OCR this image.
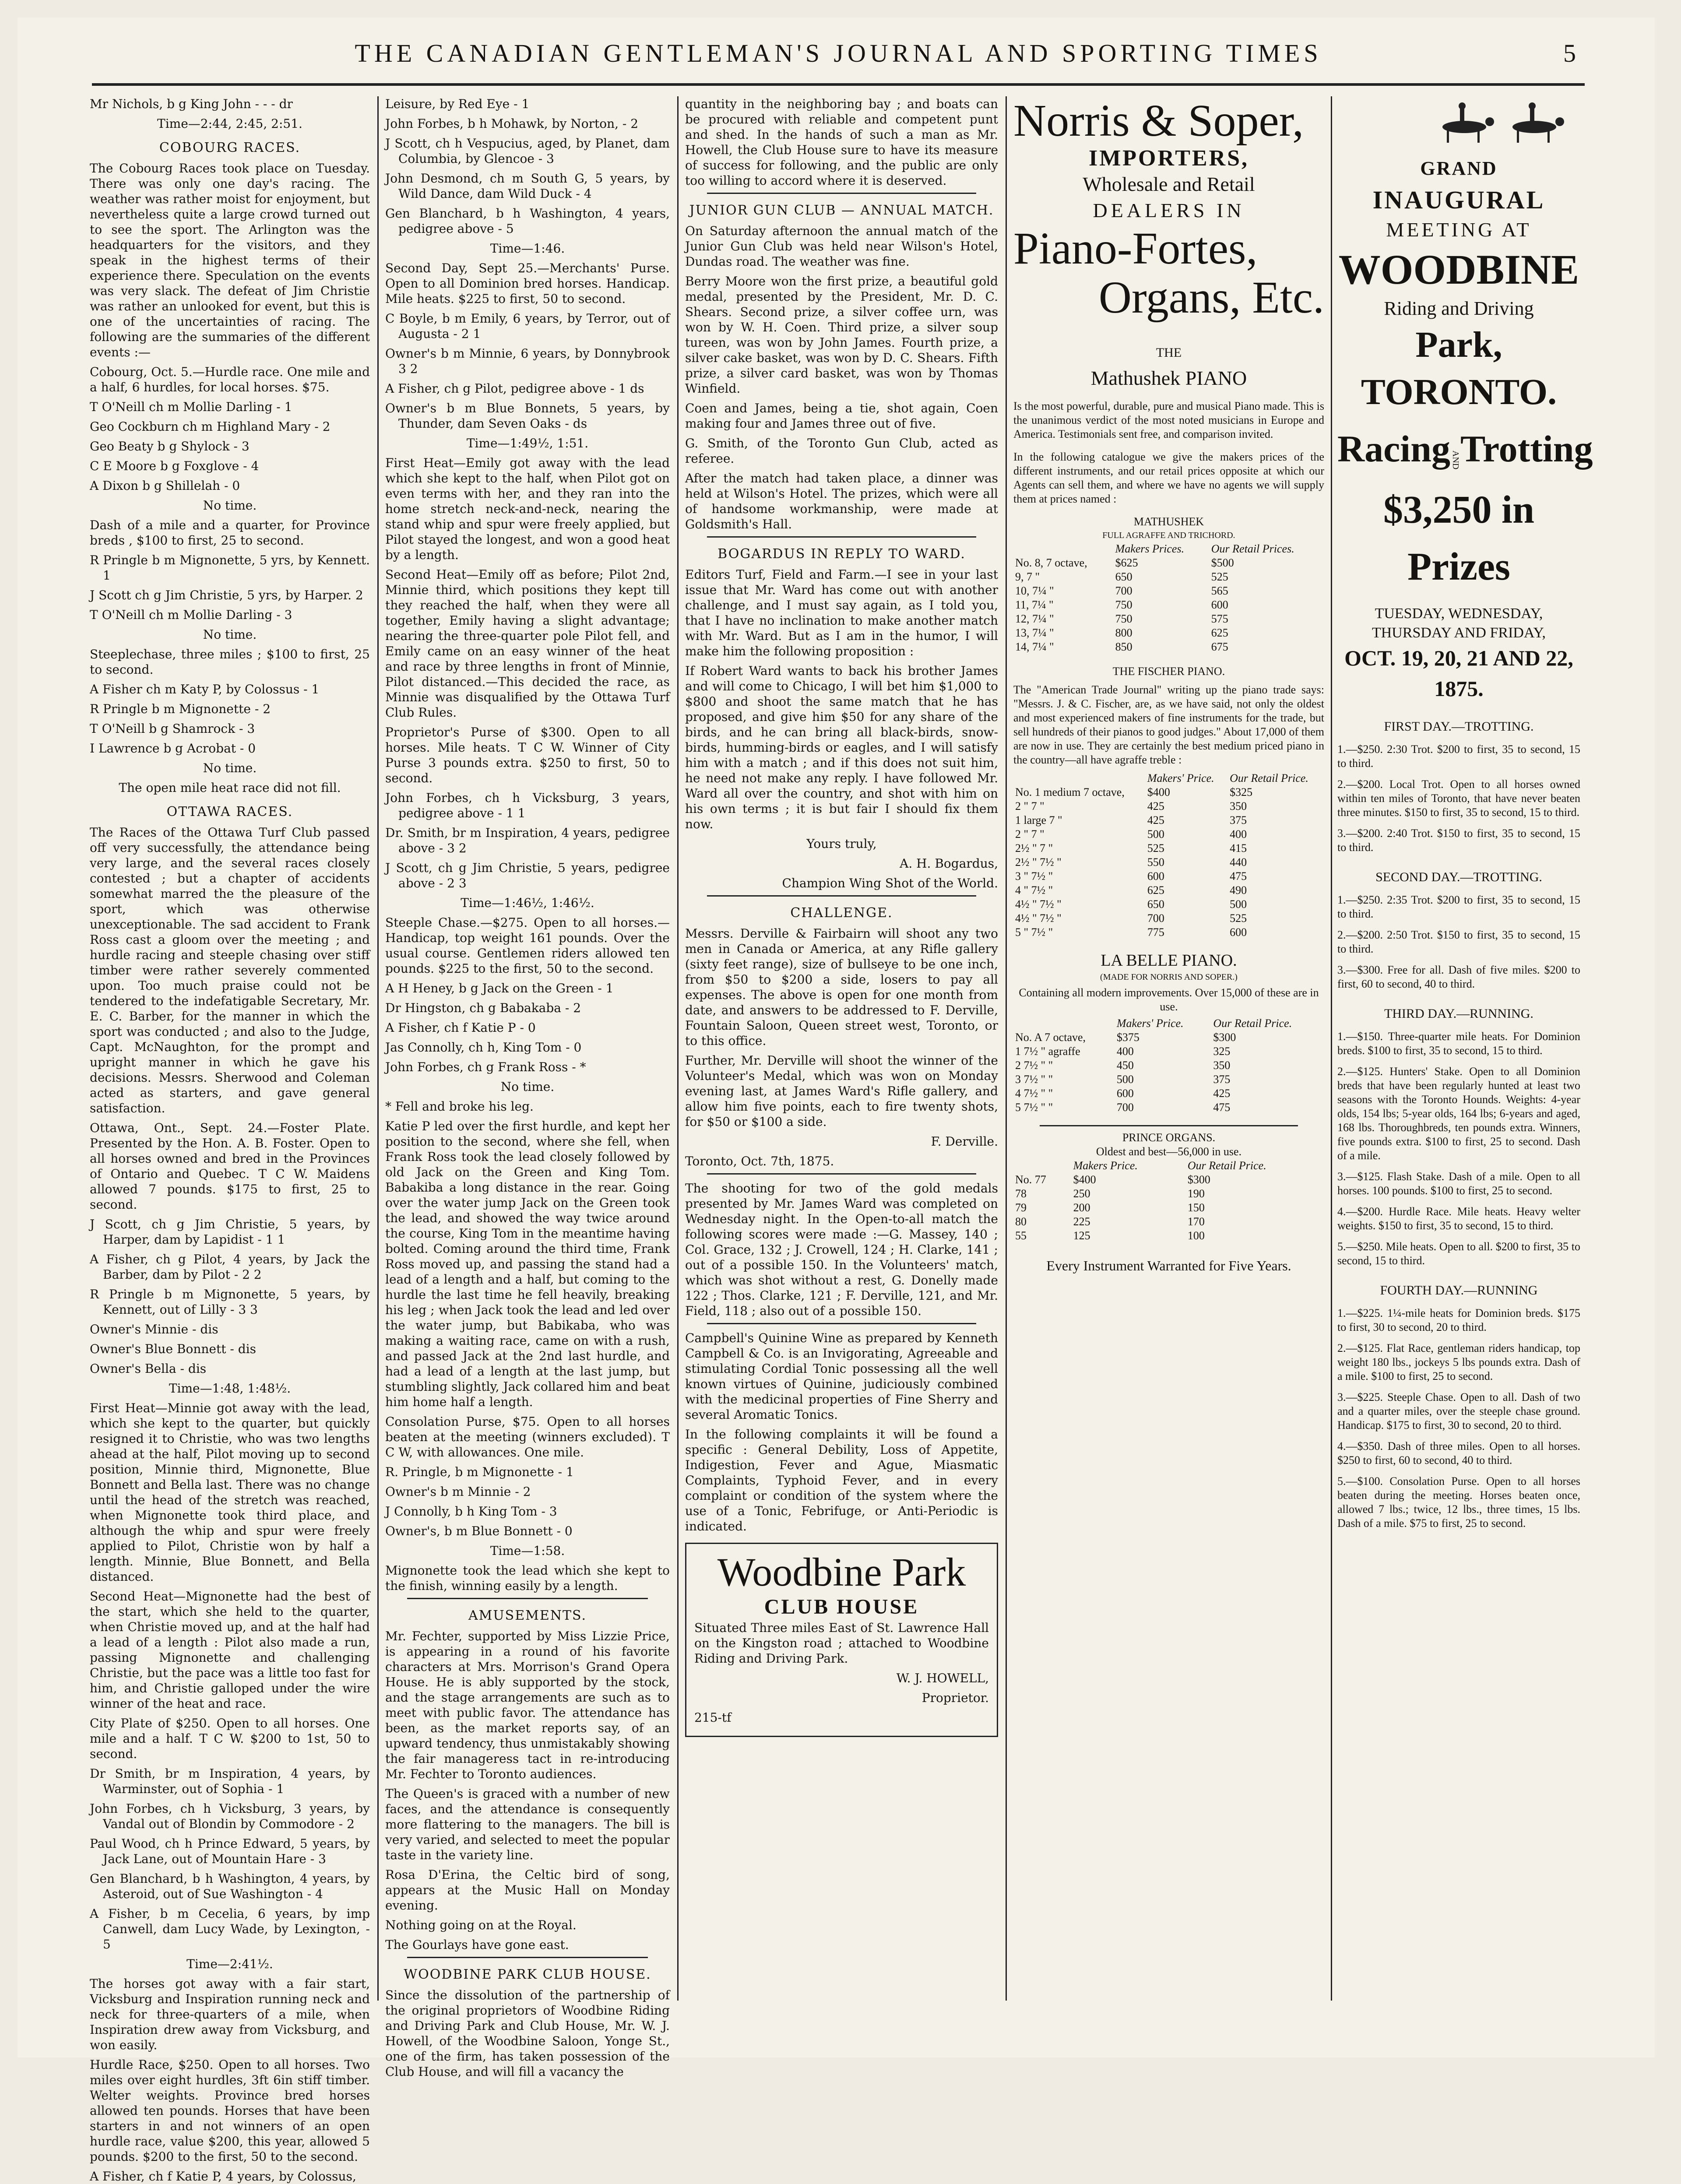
THE CANADIAN GENTLEMAN'S JOURNAL AND SPORTING TIMES	5

Mr Nichols, b g King John - - - dr

Time—2:44, 2:45, 2:51.

COBOURG RACES.

The Cobourg Races took place on Tuesday. There was only one day's racing. The weather was rather moist for enjoyment, but nevertheless quite a large crowd turned out to see the sport. The Arlington was the headquarters for the visitors, and they speak in the highest terms of their experience there. Speculation on the events was very slack. The defeat of Jim Christie was rather an unlooked for event, but this is one of the uncertainties of racing. The following are the summaries of the different events :—

Cobourg, Oct. 5.—Hurdle race. One mile and a half, 6 hurdles, for local horses. $75.

T O'Neill ch m Mollie Darling - 1

Geo Cockburn ch m Highland Mary - 2

Geo Beaty b g Shylock - 3

C E Moore b g Foxglove - 4

A Dixon b g Shillelah - 0

No time.

Dash of a mile and a quarter, for Province breds , $100 to first, 25 to second.

R Pringle b m Mignonette, 5 yrs, by Kennett. 1

J Scott ch g Jim Christie, 5 yrs, by Harper. 2

T O'Neill ch m Mollie Darling - 3

No time.

Steeplechase, three miles ; $100 to first, 25 to second.

A Fisher ch m Katy P, by Colossus - 1

R Pringle b m Mignonette - 2

T O'Neill b g Shamrock - 3

I Lawrence b g Acrobat - 0

No time.

The open mile heat race did not fill.

OTTAWA RACES.

The Races of the Ottawa Turf Club passed off very successfully, the attendance being very large, and the several races closely contested ; but a chapter of accidents somewhat marred the the pleasure of the sport, which was otherwise unexceptionable. The sad accident to Frank Ross cast a gloom over the meeting ; and hurdle racing and steeple chasing over stiff timber were rather severely commented upon. Too much praise could not be tendered to the indefatigable Secretary, Mr. E. C. Barber, for the manner in which the sport was conducted ; and also to the Judge, Capt. McNaughton, for the prompt and upright manner in which he gave his decisions. Messrs. Sherwood and Coleman acted as starters, and gave general satisfaction.

Ottawa, Ont., Sept. 24.—Foster Plate. Presented by the Hon. A. B. Foster. Open to all horses owned and bred in the Provinces of Ontario and Quebec. T C W. Maidens allowed 7 pounds. $175 to first, 25 to second.

J Scott, ch g Jim Christie, 5 years, by Harper, dam by Lapidist - 1 1

A Fisher, ch g Pilot, 4 years, by Jack the Barber, dam by Pilot - 2 2

R Pringle b m Mignonette, 5 years, by Kennett, out of Lilly - 3 3

Owner's Minnie - dis

Owner's Blue Bonnett - dis

Owner's Bella - dis

Time—1:48, 1:48½.

First Heat—Minnie got away with the lead, which she kept to the quarter, but quickly resigned it to Christie, who was two lengths ahead at the half, Pilot moving up to second position, Minnie third, Mignonette, Blue Bonnett and Bella last. There was no change until the head of the stretch was reached, when Mignonette took third place, and although the whip and spur were freely applied to Pilot, Christie won by half a length. Minnie, Blue Bonnett, and Bella distanced.

Second Heat—Mignonette had the best of the start, which she held to the quarter, when Christie moved up, and at the half had a lead of a length : Pilot also made a run, passing Mignonette and challenging Christie, but the pace was a little too fast for him, and Christie galloped under the wire winner of the heat and race.

City Plate of $250. Open to all horses. One mile and a half. T C W. $200 to 1st, 50 to second.

Dr Smith, br m Inspiration, 4 years, by Warminster, out of Sophia - 1

John Forbes, ch h Vicksburg, 3 years, by Vandal out of Blondin by Commodore - 2

Paul Wood, ch h Prince Edward, 5 years, by Jack Lane, out of Mountain Hare - 3

Gen Blanchard, b h Washington, 4 years, by Asteroid, out of Sue Washington - 4

A Fisher, b m Cecelia, 6 years, by imp Canwell, dam Lucy Wade, by Lexington, - 5

Time—2:41½.

The horses got away with a fair start, Vicksburg and Inspiration running neck and neck for three-quarters of a mile, when Inspiration drew away from Vicksburg, and won easily.

Hurdle Race, $250. Open to all horses. Two miles over eight hurdles, 3ft 6in stiff timber. Welter weights. Province bred horses allowed ten pounds. Horses that have been starters in and not winners of an open hurdle race, value $200, this year, allowed 5 pounds. $200 to the first, 50 to the second.

A Fisher, ch f Katie P, 4 years, by Colossus,

Leisure, by Red Eye - 1

John Forbes, b h Mohawk, by Norton, - 2

J Scott, ch h Vespucius, aged, by Planet, dam Columbia, by Glencoe - 3

John Desmond, ch m South G, 5 years, by Wild Dance, dam Wild Duck - 4

Gen Blanchard, b h Washington, 4 years, pedigree above - 5

Time—1:46.

Second Day, Sept 25.—Merchants' Purse. Open to all Dominion bred horses. Handicap. Mile heats. $225 to first, 50 to second.

C Boyle, b m Emily, 6 years, by Terror, out of Augusta - 2 1

Owner's b m Minnie, 6 years, by Donnybrook 3 2

A Fisher, ch g Pilot, pedigree above - 1 ds

Owner's b m Blue Bonnets, 5 years, by Thunder, dam Seven Oaks - ds

Time—1:49½, 1:51.

First Heat—Emily got away with the lead which she kept to the half, when Pilot got on even terms with her, and they ran into the home stretch neck-and-neck, nearing the stand whip and spur were freely applied, but Pilot stayed the longest, and won a good heat by a length.

Second Heat—Emily off as before; Pilot 2nd, Minnie third, which positions they kept till they reached the half, when they were all together, Emily having a slight advantage; nearing the three-quarter pole Pilot fell, and Emily came on an easy winner of the heat and race by three lengths in front of Minnie, Pilot distanced.—This decided the race, as Minnie was disqualified by the Ottawa Turf Club Rules.

Proprietor's Purse of $300. Open to all horses. Mile heats. T C W. Winner of City Purse 3 pounds extra. $250 to first, 50 to second.

John Forbes, ch h Vicksburg, 3 years, pedigree above - 1 1

Dr. Smith, br m Inspiration, 4 years, pedigree above - 3 2

J Scott, ch g Jim Christie, 5 years, pedigree above - 2 3

Time—1:46½, 1:46½.

Steeple Chase.—$275. Open to all horses.—Handicap, top weight 161 pounds. Over the usual course. Gentlemen riders allowed ten pounds. $225 to the first, 50 to the second.

A H Heney, b g Jack on the Green - 1

Dr Hingston, ch g Babakaba - 2

A Fisher, ch f Katie P - 0

Jas Connolly, ch h, King Tom - 0

John Forbes, ch g Frank Ross - *

No time.

* Fell and broke his leg.

Katie P led over the first hurdle, and kept her position to the second, where she fell, when Frank Ross took the lead closely followed by old Jack on the Green and King Tom. Babakiba a long distance in the rear. Going over the water jump Jack on the Green took the lead, and showed the way twice around the course, King Tom in the meantime having bolted. Coming around the third time, Frank Ross moved up, and passing the stand had a lead of a length and a half, but coming to the hurdle the last time he fell heavily, breaking his leg ; when Jack took the lead and led over the water jump, but Babikaba, who was making a waiting race, came on with a rush, and passed Jack at the 2nd last hurdle, and had a lead of a length at the last jump, but stumbling slightly, Jack collared him and beat him home half a length.

Consolation Purse, $75. Open to all horses beaten at the meeting (winners excluded). T C W, with allowances. One mile.

R. Pringle, b m Mignonette - 1

Owner's b m Minnie - 2

J Connolly, b h King Tom - 3

Owner's, b m Blue Bonnett - 0

Time—1:58.

Mignonette took the lead which she kept to the finish, winning easily by a length.

AMUSEMENTS.

Mr. Fechter, supported by Miss Lizzie Price, is appearing in a round of his favorite characters at Mrs. Morrison's Grand Opera House. He is ably supported by the stock, and the stage arrangements are such as to meet with public favor. The attendance has been, as the market reports say, of an upward tendency, thus unmistakably showing the fair manageress tact in re-introducing Mr. Fechter to Toronto audiences.

The Queen's is graced with a number of new faces, and the attendance is consequently more flattering to the managers. The bill is very varied, and selected to meet the popular taste in the variety line.

Rosa D'Erina, the Celtic bird of song, appears at the Music Hall on Monday evening.

Nothing going on at the Royal.

The Gourlays have gone east.

WOODBINE PARK CLUB HOUSE.

Since the dissolution of the partnership of the original proprietors of Woodbine Riding and Driving Park and Club House, Mr. W. J. Howell, of the Woodbine Saloon, Yonge St., one of the firm, has taken possession of the Club House, and will fill a vacancy the

quantity in the neighboring bay ; and boats can be procured with reliable and competent punt and shed. In the hands of such a man as Mr. Howell, the Club House sure to have its measure of success for following, and the public are only too willing to accord where it is deserved.

JUNIOR GUN CLUB — ANNUAL MATCH.

On Saturday afternoon the annual match of the Junior Gun Club was held near Wilson's Hotel, Dundas road. The weather was fine.

Berry Moore won the first prize, a beautiful gold medal, presented by the President, Mr. D. C. Shears. Second prize, a silver coffee urn, was won by W. H. Coen. Third prize, a silver soup tureen, was won by John James. Fourth prize, a silver cake basket, was won by D. C. Shears. Fifth prize, a silver card basket, was won by Thomas Winfield.

Coen and James, being a tie, shot again, Coen making four and James three out of five.

G. Smith, of the Toronto Gun Club, acted as referee.

After the match had taken place, a dinner was held at Wilson's Hotel. The prizes, which were all of handsome workmanship, were made at Goldsmith's Hall.

BOGARDUS IN REPLY TO WARD.

Editors Turf, Field and Farm.—I see in your last issue that Mr. Ward has come out with another challenge, and I must say again, as I told you, that I have no inclination to make another match with Mr. Ward. But as I am in the humor, I will make him the following proposition :

If Robert Ward wants to back his brother James and will come to Chicago, I will bet him $1,000 to $800 and shoot the same match that he has proposed, and give him $50 for any share of the birds, and he can bring all black-birds, snow-birds, humming-birds or eagles, and I will satisfy him with a match ; and if this does not suit him, he need not make any reply. I have followed Mr. Ward all over the country, and shot with him on his own terms ; it is but fair I should fix them now.

Yours truly,

A. H. Bogardus,

Champion Wing Shot of the World.

CHALLENGE.

Messrs. Derville & Fairbairn will shoot any two men in Canada or America, at any Rifle gallery (sixty feet range), size of bullseye to be one inch, from $50 to $200 a side, losers to pay all expenses. The above is open for one month from date, and answers to be addressed to F. Derville, Fountain Saloon, Queen street west, Toronto, or to this office.

Further, Mr. Derville will shoot the winner of the Volunteer's Medal, which was won on Monday evening last, at James Ward's Rifle gallery, and allow him five points, each to fire twenty shots, for $50 or $100 a side.

F. Derville.

Toronto, Oct. 7th, 1875.

The shooting for two of the gold medals presented by Mr. James Ward was completed on Wednesday night. In the Open-to-all match the following scores were made :—G. Massey, 140 ; Col. Grace, 132 ; J. Crowell, 124 ; H. Clarke, 141 ; out of a possible 150. In the Volunteers' match, which was shot without a rest, G. Donelly made 122 ; Thos. Clarke, 121 ; F. Derville, 121, and Mr. Field, 118 ; also out of a possible 150.

Campbell's Quinine Wine as prepared by Kenneth Campbell & Co. is an Invigorating, Agreeable and stimulating Cordial Tonic possessing all the well known virtues of Quinine, judiciously combined with the medicinal properties of Fine Sherry and several Aromatic Tonics.

In the following complaints it will be found a specific : General Debility, Loss of Appetite, Indigestion, Fever and Ague, Miasmatic Complaints, Typhoid Fever, and in every complaint or condition of the system where the use of a Tonic, Febrifuge, or Anti-Periodic is indicated.

Woodbine Park
CLUB HOUSE

Situated Three miles East of St. Lawrence Hall on the Kingston road ; attached to Woodbine Riding and Driving Park.

W. J. HOWELL,

Proprietor.

215-tf

Norris & Soper,
IMPORTERS,
Wholesale and Retail
DEALERS IN
Piano-Fortes,
Organs, Etc.
THE
Mathushek PIANO

Is the most powerful, durable, pure and musical Piano made. This is the unanimous verdict of the most noted musicians in Europe and America. Testimonials sent free, and comparison invited.

In the following catalogue we give the makers prices of the different instruments, and our retail prices opposite at which our Agents can sell them, and where we have no agents we will supply them at prices named :

MATHUSHEK
FULL AGRAFFE AND TRICHORD.
	Makers Prices.	Our Retail Prices.
No. 8, 7 octave,	$625	$500
9, 7 "	650	525
10, 7¼ "	700	565
11, 7¼ "	750	600
12, 7¼ "	750	575
13, 7¼ "	800	625
14, 7¼ "	850	675
THE FISCHER PIANO.

The "American Trade Journal" writing up the piano trade says: "Messrs. J. & C. Fischer, are, as we have said, not only the oldest and most experienced makers of fine instruments for the trade, but sell hundreds of their pianos to good judges." About 17,000 of them are now in use. They are certainly the best medium priced piano in the country—all have agraffe treble :

	Makers' Price.	Our Retail Price.
No. 1 medium 7 octave,	$400	$325
2 " 7 "	425	350
1 large 7 "	425	375
2 " 7 "	500	400
2½ " 7 "	525	415
2½ " 7½ "	550	440
3 " 7½ "	600	475
4 " 7½ "	625	490
4½ " 7½ "	650	500
4½ " 7½ "	700	525
5 " 7½ "	775	600
LA BELLE PIANO.
(MADE FOR NORRIS AND SOPER.)

Containing all modern improvements. Over 15,000 of these are in use.

	Makers' Price.	Our Retail Price.
No. A 7 octave,	$375	$300
1 7½ " agraffe	400	325
2 7½ " "	450	350
3 7½ " "	500	375
4 7½ " "	600	425
5 7½ " "	700	475
PRINCE ORGANS.
Oldest and best—56,000 in use.
	Makers Price.	Our Retail Price.
No. 77	$400	$300
78	250	190
79	200	150
80	225	170
55	125	100
Every Instrument Warranted for Five Years.
GRAND
INAUGURAL
MEETING AT
WOODBINE
Riding and Driving
Park, TORONTO.
RacingANDTrotting
$3,250 in Prizes
TUESDAY, WEDNESDAY, THURSDAY AND FRIDAY,
OCT. 19, 20, 21 AND 22, 1875.
FIRST DAY.—TROTTING.

1.—$250. 2:30 Trot. $200 to first, 35 to second, 15 to third.

2.—$200. Local Trot. Open to all horses owned within ten miles of Toronto, that have never beaten three minutes. $150 to first, 35 to second, 15 to third.

3.—$200. 2:40 Trot. $150 to first, 35 to second, 15 to third.

SECOND DAY.—TROTTING.

1.—$250. 2:35 Trot. $200 to first, 35 to second, 15 to third.

2.—$200. 2:50 Trot. $150 to first, 35 to second, 15 to third.

3.—$300. Free for all. Dash of five miles. $200 to first, 60 to second, 40 to third.

THIRD DAY.—RUNNING.

1.—$150. Three-quarter mile heats. For Dominion breds. $100 to first, 35 to second, 15 to third.

2.—$125. Hunters' Stake. Open to all Dominion breds that have been regularly hunted at least two seasons with the Toronto Hounds. Weights: 4-year olds, 154 lbs; 5-year olds, 164 lbs; 6-years and aged, 168 lbs. Thoroughbreds, ten pounds extra. Winners, five pounds extra. $100 to first, 25 to second. Dash of a mile.

3.—$125. Flash Stake. Dash of a mile. Open to all horses. 100 pounds. $100 to first, 25 to second.

4.—$200. Hurdle Race. Mile heats. Heavy welter weights. $150 to first, 35 to second, 15 to third.

5.—$250. Mile heats. Open to all. $200 to first, 35 to second, 15 to third.

FOURTH DAY.—RUNNING

1.—$225. 1¼-mile heats for Dominion breds. $175 to first, 30 to second, 20 to third.

2.—$125. Flat Race, gentleman riders handicap, top weight 180 lbs., jockeys 5 lbs pounds extra. Dash of a mile. $100 to first, 25 to second.

3.—$225. Steeple Chase. Open to all. Dash of two and a quarter miles, over the steeple chase ground. Handicap. $175 to first, 30 to second, 20 to third.

4.—$350. Dash of three miles. Open to all horses. $250 to first, 60 to second, 40 to third.

5.—$100. Consolation Purse. Open to all horses beaten during the meeting. Horses beaten once, allowed 7 lbs.; twice, 12 lbs., three times, 15 lbs. Dash of a mile. $75 to first, 25 to second.
